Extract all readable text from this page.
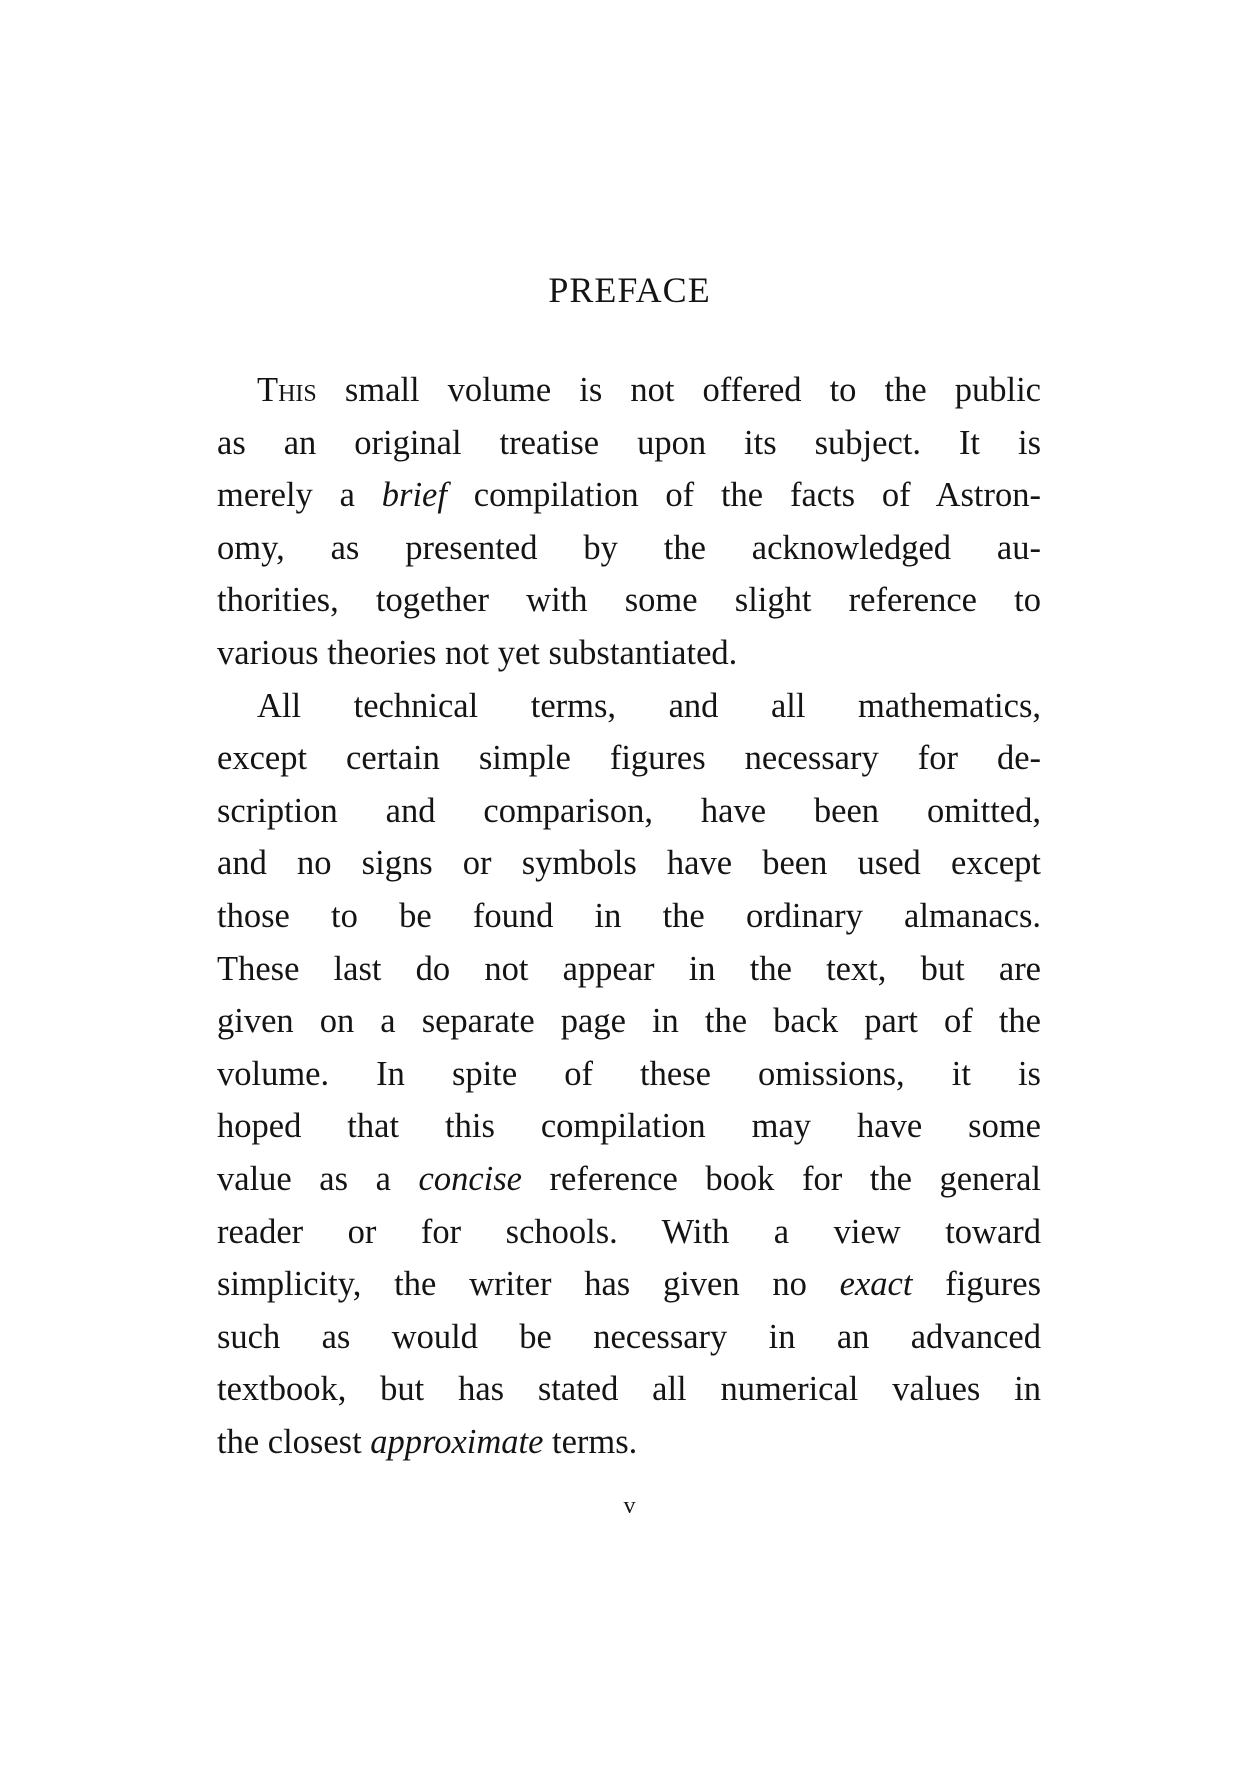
PREFACE
This small volume is not offered to the public
as an original treatise upon its subject. It is
merely a brief compilation of the facts of Astron-
omy, as presented by the acknowledged au-
thorities, together with some slight reference to
various theories not yet substantiated.
All technical terms, and all mathematics,
except certain simple figures necessary for de-
scription and comparison, have been omitted,
and no signs or symbols have been used except
those to be found in the ordinary almanacs.
These last do not appear in the text, but are
given on a separate page in the back part of the
volume. In spite of these omissions, it is
hoped that this compilation may have some
value as a concise reference book for the general
reader or for schools. With a view toward
simplicity, the writer has given no exact figures
such as would be necessary in an advanced
textbook, but has stated all numerical values in
the closest approximate terms.
v
